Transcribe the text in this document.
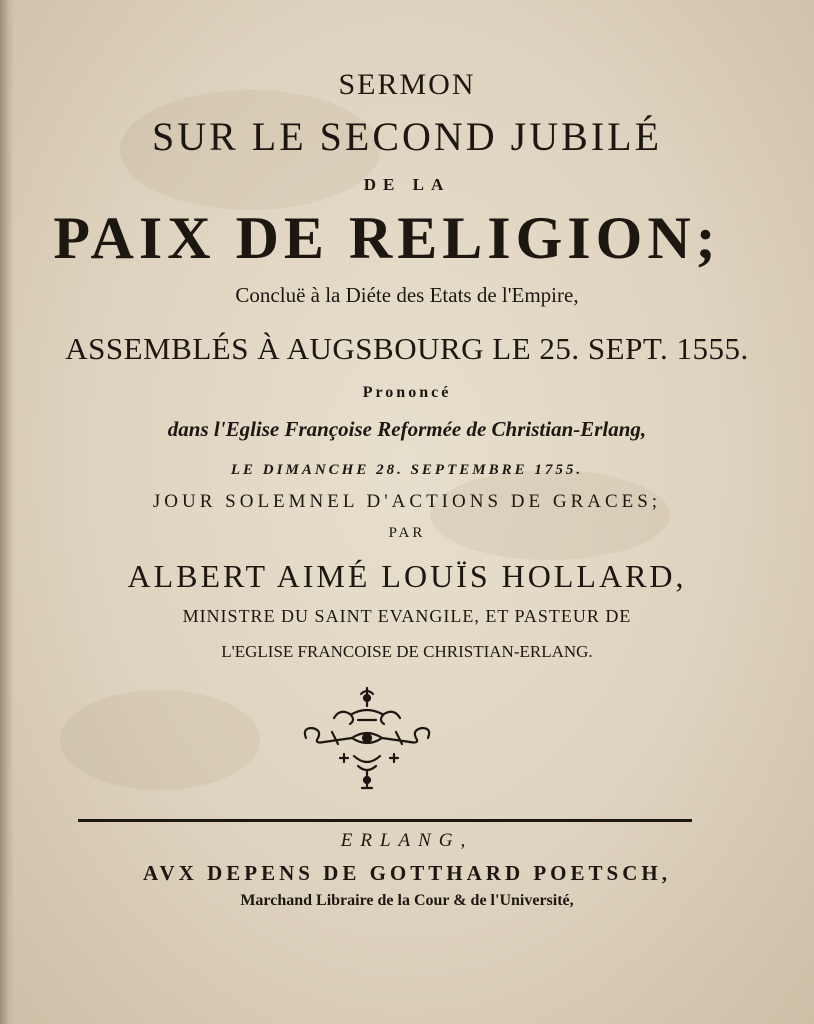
SERMON
SUR LE SECOND JUBILÉ
DE LA
PAIX DE RELIGION;
Concluë à la Diéte des Etats de l'Empire,
ASSEMBLÉS À AUGSBOURG LE 25. SEPT. 1555.
Prononcé
dans l'Eglise Françoise Reformée de Christian-Erlang,
LE DIMANCHE 28. SEPTEMBRE 1755.
JOUR SOLEMNEL D'ACTIONS DE GRACES;
PAR
ALBERT AIMÉ LOUÏS HOLLARD,
MINISTRE DU SAINT EVANGILE, ET PASTEUR DE
L'EGLISE FRANCOISE DE CHRISTIAN-ERLANG.
ERLANG,
AVX DEPENS DE GOTTHARD POETSCH,
Marchand Libraire de la Cour & de l'Université,
